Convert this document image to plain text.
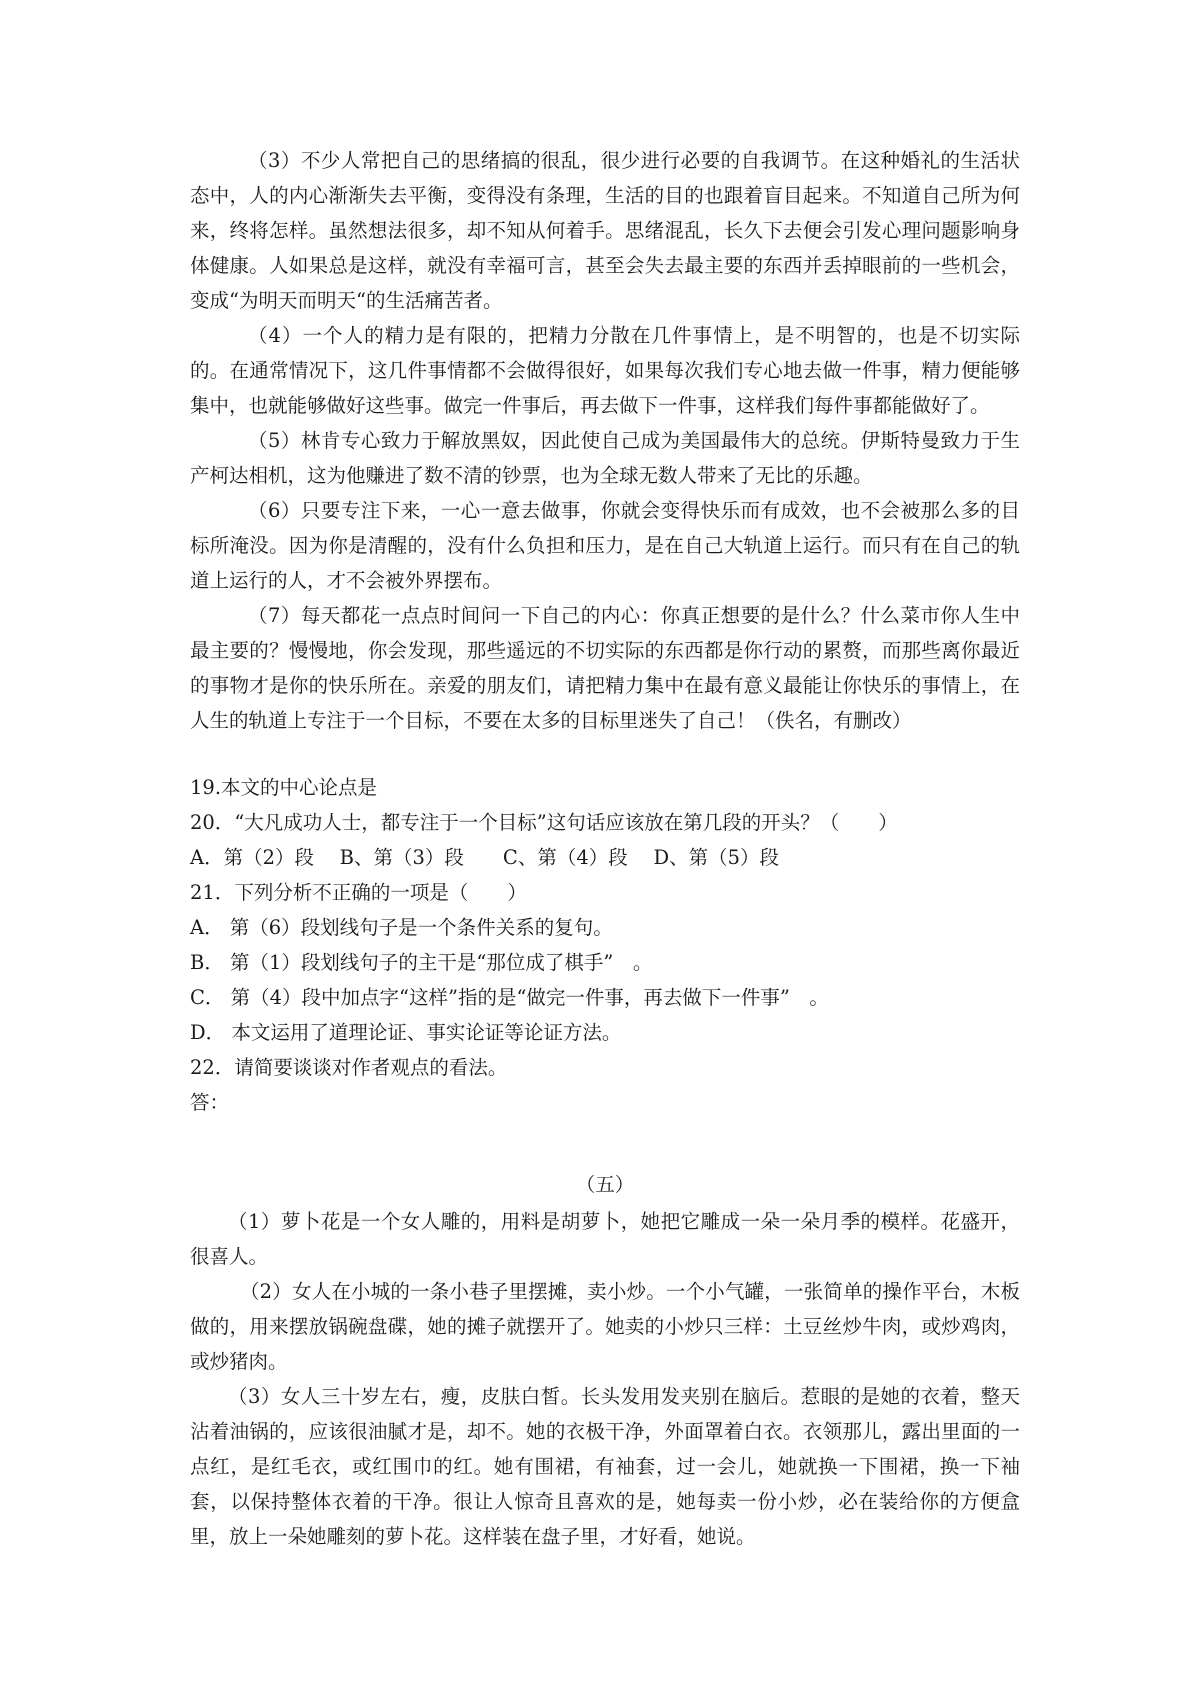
（3）不少人常把自己的思绪搞的很乱，很少进行必要的自我调节。在这种婚礼的生活状态中，人的内心渐渐失去平衡，变得没有条理，生活的目的也跟着盲目起来。不知道自己所为何来，终将怎样。虽然想法很多，却不知从何着手。思绪混乱，长久下去便会引发心理问题影响身体健康。人如果总是这样，就没有幸福可言，甚至会失去最主要的东西并丢掉眼前的一些机会，变成“为明天而明天“的生活痛苦者。

（4）一个人的精力是有限的，把精力分散在几件事情上，是不明智的，也是不切实际的。在通常情况下，这几件事情都不会做得很好，如果每次我们专心地去做一件事，精力便能够集中，也就能够做好这些事。做完一件事后，再去做下一件事，这样我们每件事都能做好了。

（5）林肯专心致力于解放黑奴，因此使自己成为美国最伟大的总统。伊斯特曼致力于生产柯达相机，这为他赚进了数不清的钞票，也为全球无数人带来了无比的乐趣。

（6）只要专注下来，一心一意去做事，你就会变得快乐而有成效，也不会被那么多的目标所淹没。因为你是清醒的，没有什么负担和压力，是在自己大轨道上运行。而只有在自己的轨道上运行的人，才不会被外界摆布。

（7）每天都花一点点时间问一下自己的内心：你真正想要的是什么？什么菜市你人生中最主要的？慢慢地，你会发现，那些遥远的不切实际的东西都是你行动的累赘，而那些离你最近的事物才是你的快乐所在。亲爱的朋友们，请把精力集中在最有意义最能让你快乐的事情上，在人生的轨道上专注于一个目标，不要在太多的目标里迷失了自己！（佚名，有删改）

19.本文的中心论点是

20．“大凡成功人士，都专注于一个目标”这句话应该放在第几段的开头？（　　）

A．第（2）段　 B、第（3）段　　C、第（4）段　 D、第（5）段

21．下列分析不正确的一项是（　　）

A． 第（6）段划线句子是一个条件关系的复句。

B． 第（1）段划线句子的主干是“那位成了棋手”　。

C． 第（4）段中加点字“这样”指的是“做完一件事，再去做下一件事”　。

D． 本文运用了道理论证、事实论证等论证方法。

22．请简要谈谈对作者观点的看法。

答：

（五）

（1）萝卜花是一个女人雕的，用料是胡萝卜，她把它雕成一朵一朵月季的模样。花盛开，很喜人。

（2）女人在小城的一条小巷子里摆摊，卖小炒。一个小气罐，一张简单的操作平台，木板做的，用来摆放锅碗盘碟，她的摊子就摆开了。她卖的小炒只三样：土豆丝炒牛肉，或炒鸡肉，或炒猪肉。

（3）女人三十岁左右，瘦，皮肤白皙。长头发用发夹别在脑后。惹眼的是她的衣着，整天沾着油锅的，应该很油腻才是，却不。她的衣极干净，外面罩着白衣。衣领那儿，露出里面的一点红，是红毛衣，或红围巾的红。她有围裙，有袖套，过一会儿，她就换一下围裙，换一下袖套，以保持整体衣着的干净。很让人惊奇且喜欢的是，她每卖一份小炒，必在装给你的方便盒里，放上一朵她雕刻的萝卜花。这样装在盘子里，才好看，她说。
